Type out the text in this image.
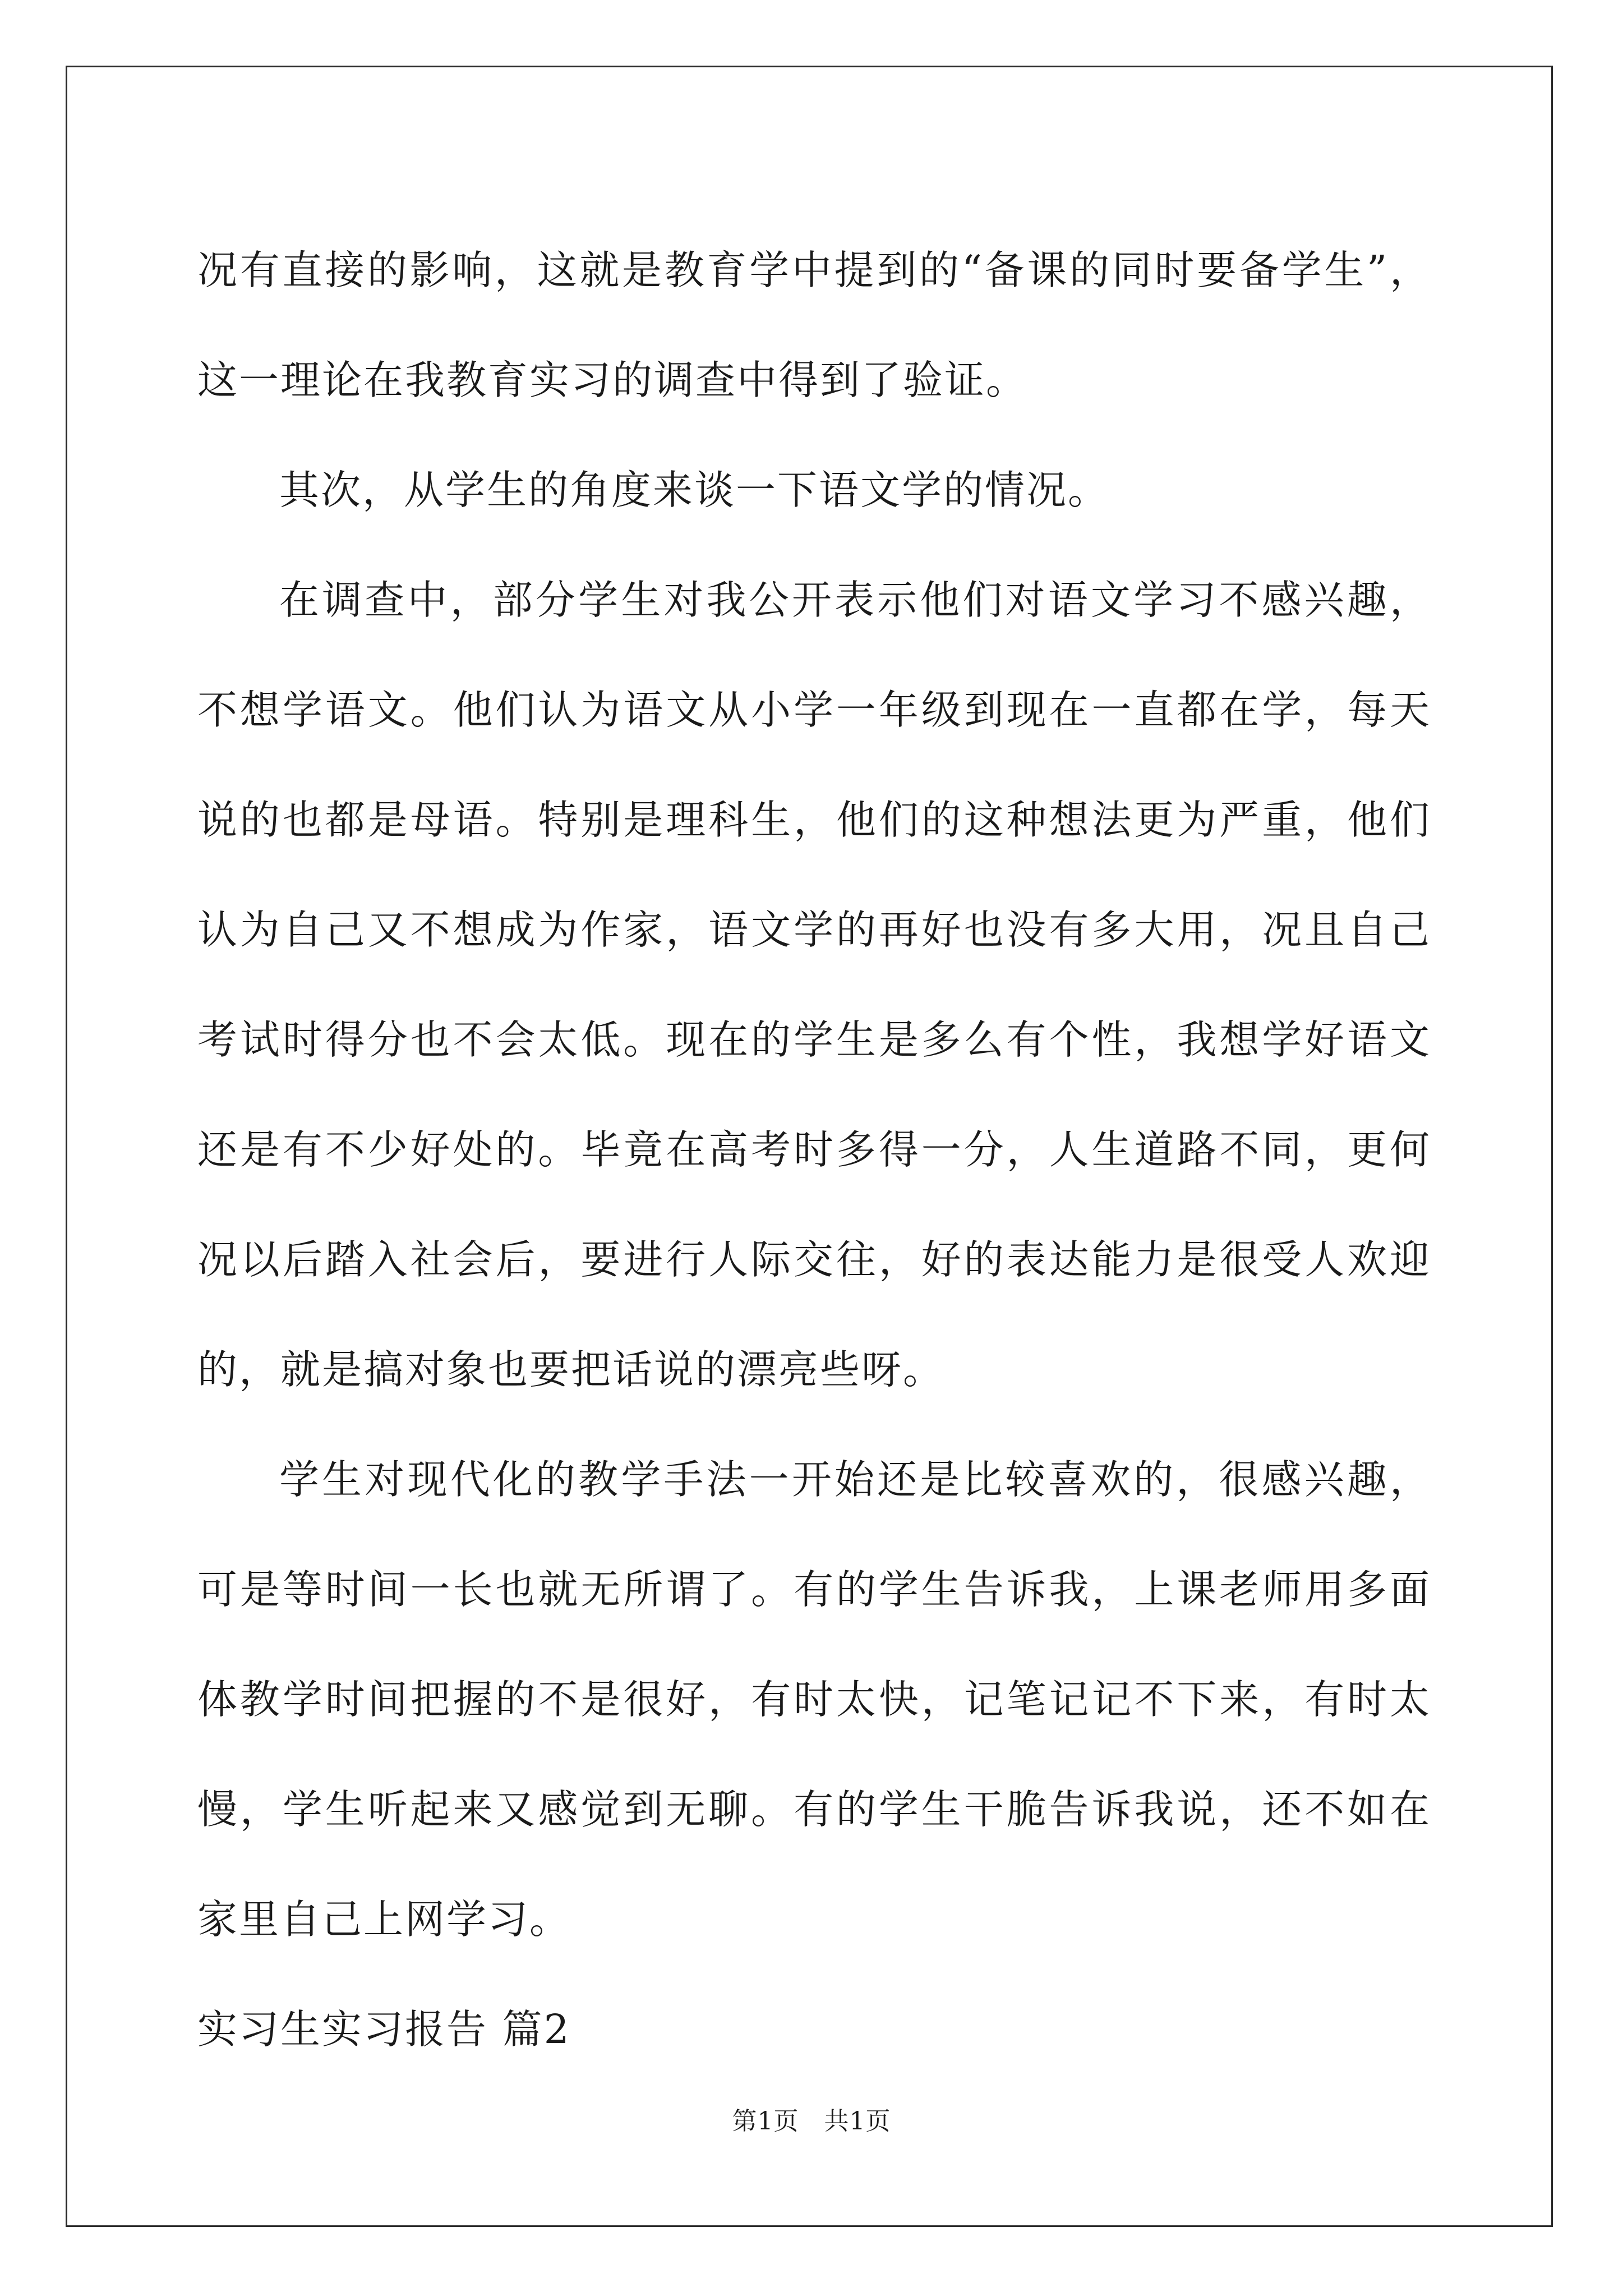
况有直接的影响，这就是教育学中提到的“备课的同时要备学生”，这一理论在我教育实习的调查中得到了验证。

其次，从学生的角度来谈一下语文学的情况。

在调查中，部分学生对我公开表示他们对语文学习不感兴趣，不想学语文。他们认为语文从小学一年级到现在一直都在学，每天说的也都是母语。特别是理科生，他们的这种想法更为严重，他们认为自己又不想成为作家，语文学的再好也没有多大用，况且自己考试时得分也不会太低。现在的学生是多么有个性，我想学好语文还是有不少好处的。毕竟在高考时多得一分，人生道路不同，更何况以后踏入社会后，要进行人际交往，好的表达能力是很受人欢迎的，就是搞对象也要把话说的漂亮些呀。

学生对现代化的教学手法一开始还是比较喜欢的，很感兴趣，可是等时间一长也就无所谓了。有的学生告诉我，上课老师用多面体教学时间把握的不是很好，有时太快，记笔记记不下来，有时太慢，学生听起来又感觉到无聊。有的学生干脆告诉我说，还不如在家里自己上网学习。

实习生实习报告 篇2

第1页　共1页
